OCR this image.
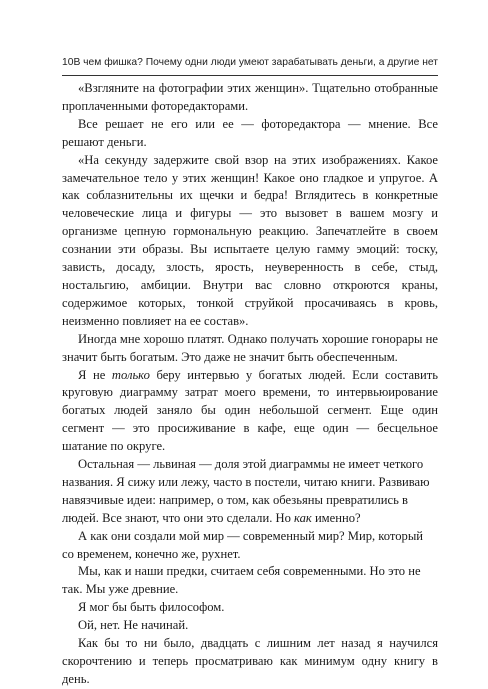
10 В чем фишка? Почему одни люди умеют зарабатывать деньги, а другие нет

«Взгляните на фотографии этих женщин». Тщательно отобранные проплаченными фоторедакторами.

Все решает не его или ее — фоторедактора — мнение. Все решают деньги.

«На секунду задержите свой взор на этих изображениях. Какое замечательное тело у этих женщин! Какое оно гладкое и упругое. А как соблазнительны их щечки и бедра! Вглядитесь в конкретные человеческие лица и фигуры — это вызовет в вашем мозгу и организме цепную гормональную реакцию. Запечатлейте в своем сознании эти образы. Вы испытаете целую гамму эмоций: тоску, зависть, досаду, злость, ярость, неуверенность в себе, стыд, ностальгию, амбиции. Внутри вас словно откроются краны, содержимое которых, тонкой струйкой просачиваясь в кровь, неизменно повлияет на ее состав».

Иногда мне хорошо платят. Однако получать хорошие гонорары не значит быть богатым. Это даже не значит быть обеспеченным.

Я не только беру интервью у богатых людей. Если составить круговую диаграмму затрат моего времени, то интервьюирование богатых людей заняло бы один небольшой сегмент. Еще один сегмент — это просиживание в кафе, еще один — бесцельное шатание по округе.

Остальная — львиная — доля этой диаграммы не имеет четкого названия. Я сижу или лежу, часто в постели, читаю книги. Развиваю навязчивые идеи: например, о том, как обезьяны превратились в людей. Все знают, что они это сделали. Но как именно?

А как они создали мой мир — современный мир? Мир, который со временем, конечно же, рухнет.

Мы, как и наши предки, считаем себя современными. Но это не так. Мы уже древние.

Я мог бы быть философом.

Ой, нет. Не начинай.

Как бы то ни было, двадцать с лишним лет назад я научился скорочтению и теперь просматриваю как минимум одну книгу в день.
